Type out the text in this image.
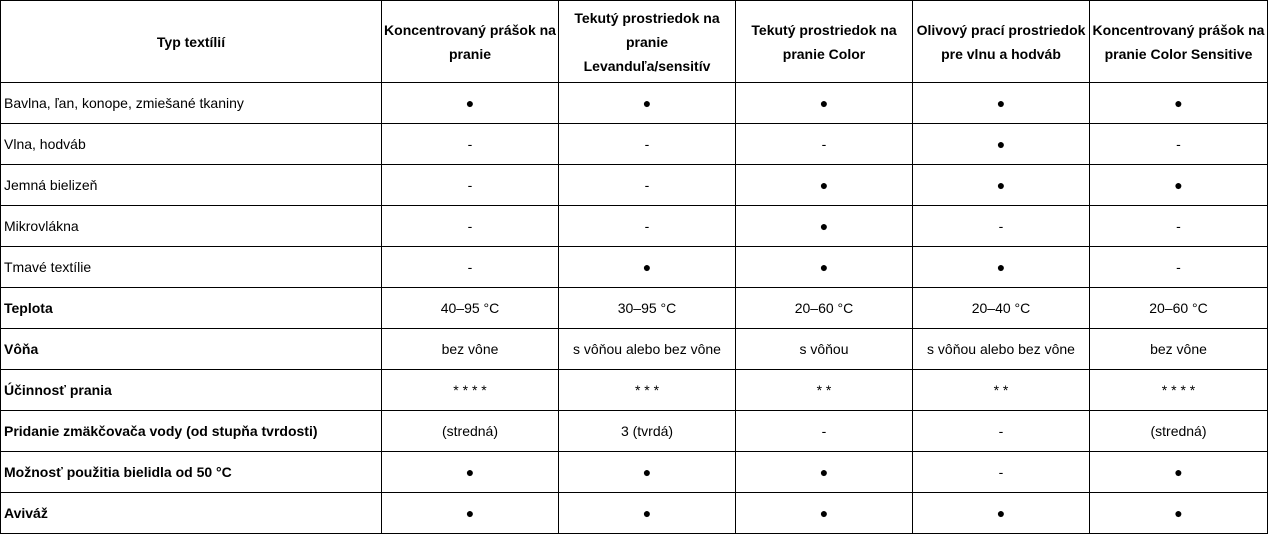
Typ textílií	Koncentrovaný prášok na pranie	Tekutý prostriedok na pranie Levanduľa/sensitív	Tekutý prostriedok na pranie Color	Olivový prací prostriedok pre vlnu a hodváb	Koncentrovaný prášok na pranie Color Sensitive
Bavlna, ľan, konope, zmiešané tkaniny	●	●	●	●	●
Vlna, hodváb	-	-	-	●	-
Jemná bielizeň	-	-	●	●	●
Mikrovlákna	-	-	●	-	-
Tmavé textílie	-	●	●	●	-
Teplota	40–95 °C	30–95 °C	20–60 °C	20–40 °C	20–60 °C
Vôňa	bez vône	s vôňou alebo bez vône	s vôňou	s vôňou alebo bez vône	bez vône
Účinnosť prania	* * * *	* * *	* *	* *	* * * *
Pridanie zmäkčovača vody (od stupňa tvrdosti)	(stredná)	3 (tvrdá)	-	-	(stredná)
Možnosť použitia bielidla od 50 °C	●	●	●	-	●
Aviváž	●	●	●	●	●
